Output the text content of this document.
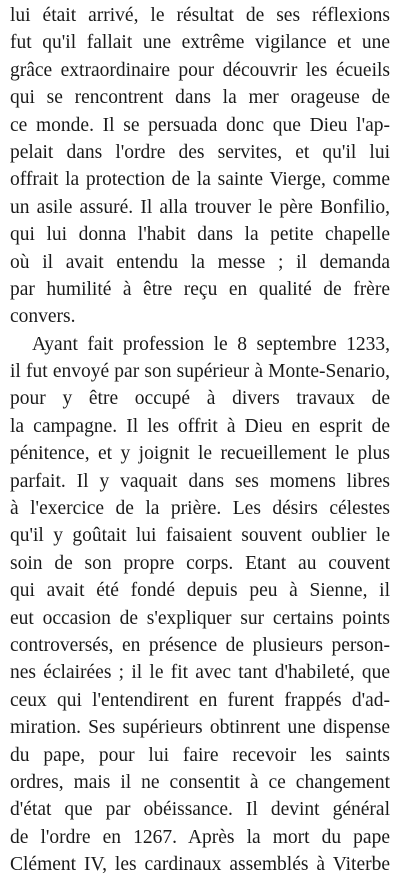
lui était arrivé, le résultat de ses réflexions
fut qu'il fallait une extrême vigilance et une
grâce extraordinaire pour découvrir les écueils
qui se rencontrent dans la mer orageuse de
ce monde. Il se persuada donc que Dieu l'ap-
pelait dans l'ordre des servites, et qu'il lui
offrait la protection de la sainte Vierge, comme
un asile assuré. Il alla trouver le père Bonfilio,
qui lui donna l'habit dans la petite chapelle
où il avait entendu la messe ; il demanda
par humilité à être reçu en qualité de frère
convers.
Ayant fait profession le 8 septembre 1233,
il fut envoyé par son supérieur à Monte-Senario,
pour y être occupé à divers travaux de
la campagne. Il les offrit à Dieu en esprit de
pénitence, et y joignit le recueillement le plus
parfait. Il y vaquait dans ses momens libres
à l'exercice de la prière. Les désirs célestes
qu'il y goûtait lui faisaient souvent oublier le
soin de son propre corps. Etant au couvent
qui avait été fondé depuis peu à Sienne, il
eut occasion de s'expliquer sur certains points
controversés, en présence de plusieurs person-
nes éclairées ; il le fit avec tant d'habileté, que
ceux qui l'entendirent en furent frappés d'ad-
miration. Ses supérieurs obtinrent une dispense
du pape, pour lui faire recevoir les saints
ordres, mais il ne consentit à ce changement
d'état que par obéissance. Il devint général
de l'ordre en 1267. Après la mort du pape
Clément IV, les cardinaux assemblés à Viterbe
